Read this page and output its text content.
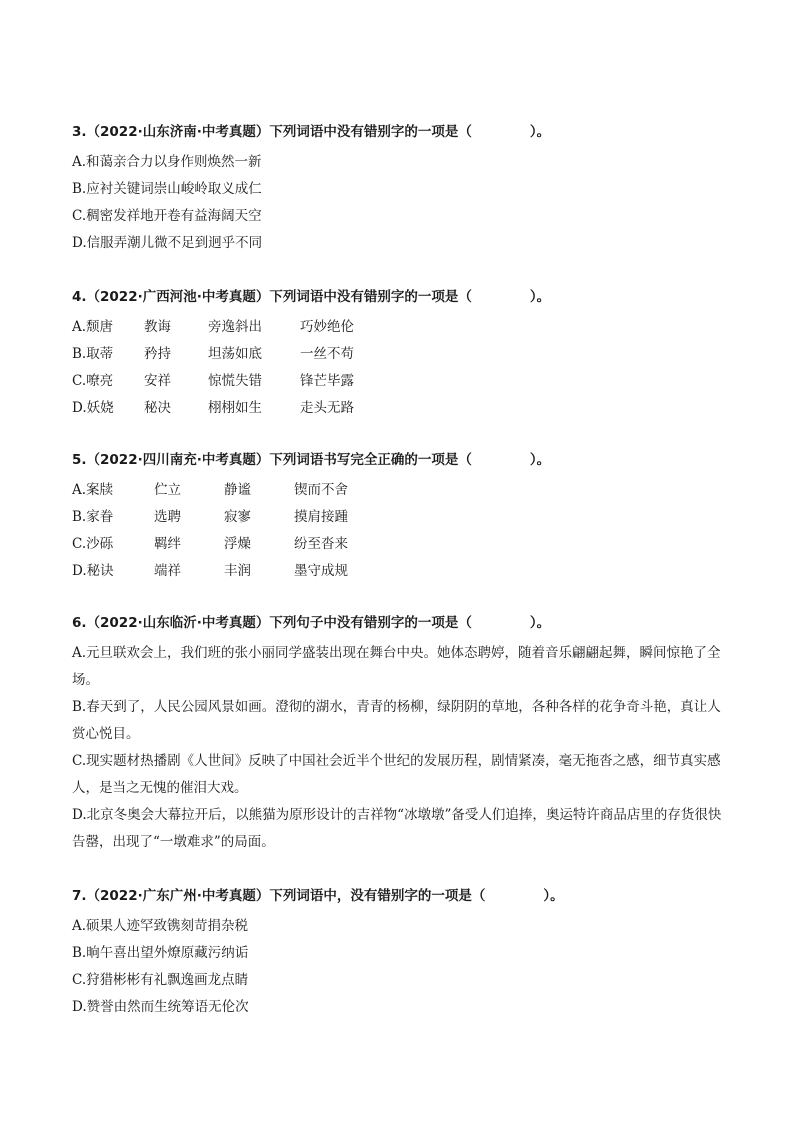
3.（2022·山东济南·中考真题）下列词语中没有错别字的一项是（	）。
A.和蔼亲合力以身作则焕然一新
B.应衬关键词崇山峻岭取义成仁
C.稠密发祥地开卷有益海阔天空
D.信服弄潮儿微不足到迥乎不同
4.（2022·广西河池·中考真题）下列词语中没有错别字的一项是（	）。
A.颓唐	教诲	旁逸斜出	巧妙绝伦
B.取蒂	矜持	坦荡如底	一丝不苟
C.嘹亮	安祥	惊慌失错	锋芒毕露
D.妖娆	秘决	栩栩如生	走头无路
5.（2022·四川南充·中考真题）下列词语书写完全正确的一项是（	）。
A.案牍	伫立	静谧	锲而不舍
B.家眷	选聘	寂寥	摸肩接踵
C.沙砾	羁绊	浮燥	纷至沓来
D.秘诀	端祥	丰润	墨守成规
6.（2022·山东临沂·中考真题）下列句子中没有错别字的一项是（	）。

A.元旦联欢会上，我们班的张小丽同学盛装出现在舞台中央。她体态聘婷，随着音乐翩翩起舞，瞬间惊艳了全场。

B.春天到了，人民公园风景如画。澄彻的湖水，青青的杨柳，绿阴阴的草地，各种各样的花争奇斗艳，真让人赏心悦目。

C.现实题材热播剧《人世间》反映了中国社会近半个世纪的发展历程，剧情紧凑，毫无拖沓之感，细节真实感人，是当之无愧的催泪大戏。

D.北京冬奥会大幕拉开后，以熊猫为原形设计的吉祥物“冰墩墩”备受人们追捧，奥运特许商品店里的存货很快告罄，出现了“一墩难求”的局面。

7.（2022·广东广州·中考真题）下列词语中，没有错别字的一项是（	）。
A.硕果人迹罕致镌刻苛捐杂税
B.晌午喜出望外燎原藏污纳诟
C.狩猎彬彬有礼飘逸画龙点睛
D.赞誉由然而生统筹语无伦次
